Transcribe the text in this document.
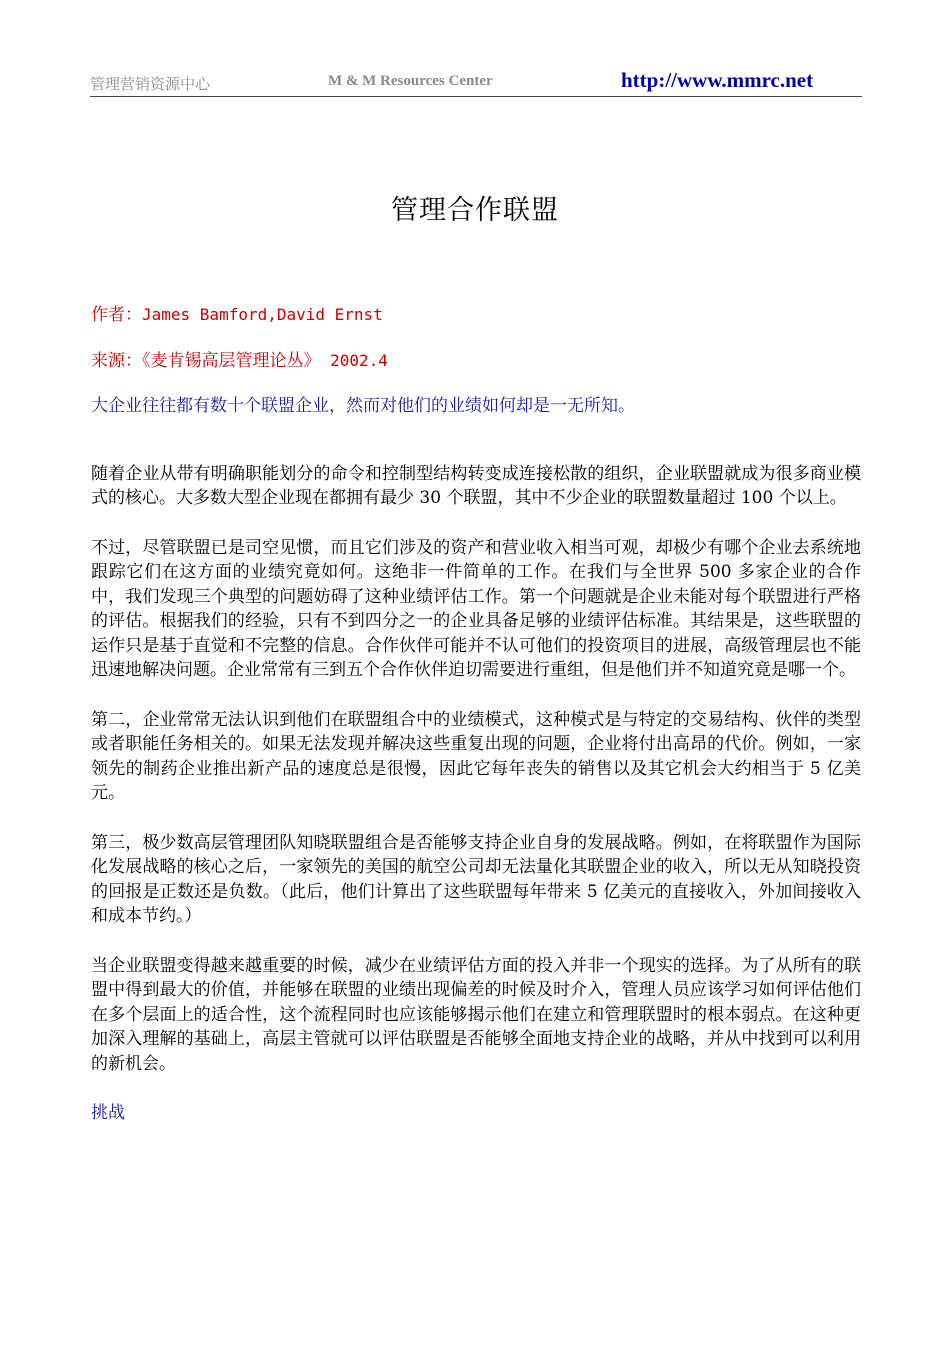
管理营销资源中心	M & M Resources Center	http://www.mmrc.net
管理合作联盟

作者：James Bamford,David Ernst

来源：《麦肯锡高层管理论丛》 2002.4

大企业往往都有数十个联盟企业，然而对他们的业绩如何却是一无所知。

随着企业从带有明确职能划分的命令和控制型结构转变成连接松散的组织，企业联盟就成为很多商业模式的核心。大多数大型企业现在都拥有最少 30 个联盟，其中不少企业的联盟数量超过 100 个以上。

不过，尽管联盟已是司空见惯，而且它们涉及的资产和营业收入相当可观，却极少有哪个企业去系统地跟踪它们在这方面的业绩究竟如何。这绝非一件简单的工作。在我们与全世界 500 多家企业的合作中，我们发现三个典型的问题妨碍了这种业绩评估工作。第一个问题就是企业未能对每个联盟进行严格的评估。根据我们的经验，只有不到四分之一的企业具备足够的业绩评估标准。其结果是，这些联盟的运作只是基于直觉和不完整的信息。合作伙伴可能并不认可他们的投资项目的进展，高级管理层也不能迅速地解决问题。企业常常有三到五个合作伙伴迫切需要进行重组，但是他们并不知道究竟是哪一个。

第二，企业常常无法认识到他们在联盟组合中的业绩模式，这种模式是与特定的交易结构、伙伴的类型或者职能任务相关的。如果无法发现并解决这些重复出现的问题，企业将付出高昂的代价。例如，一家领先的制药企业推出新产品的速度总是很慢，因此它每年丧失的销售以及其它机会大约相当于 5 亿美元。

第三，极少数高层管理团队知晓联盟组合是否能够支持企业自身的发展战略。例如，在将联盟作为国际化发展战略的核心之后，一家领先的美国的航空公司却无法量化其联盟企业的收入，所以无从知晓投资的回报是正数还是负数。（此后，他们计算出了这些联盟每年带来 5 亿美元的直接收入，外加间接收入和成本节约。）

当企业联盟变得越来越重要的时候，减少在业绩评估方面的投入并非一个现实的选择。为了从所有的联盟中得到最大的价值，并能够在联盟的业绩出现偏差的时候及时介入，管理人员应该学习如何评估他们在多个层面上的适合性，这个流程同时也应该能够揭示他们在建立和管理联盟时的根本弱点。在这种更加深入理解的基础上，高层主管就可以评估联盟是否能够全面地支持企业的战略，并从中找到可以利用的新机会。

挑战
